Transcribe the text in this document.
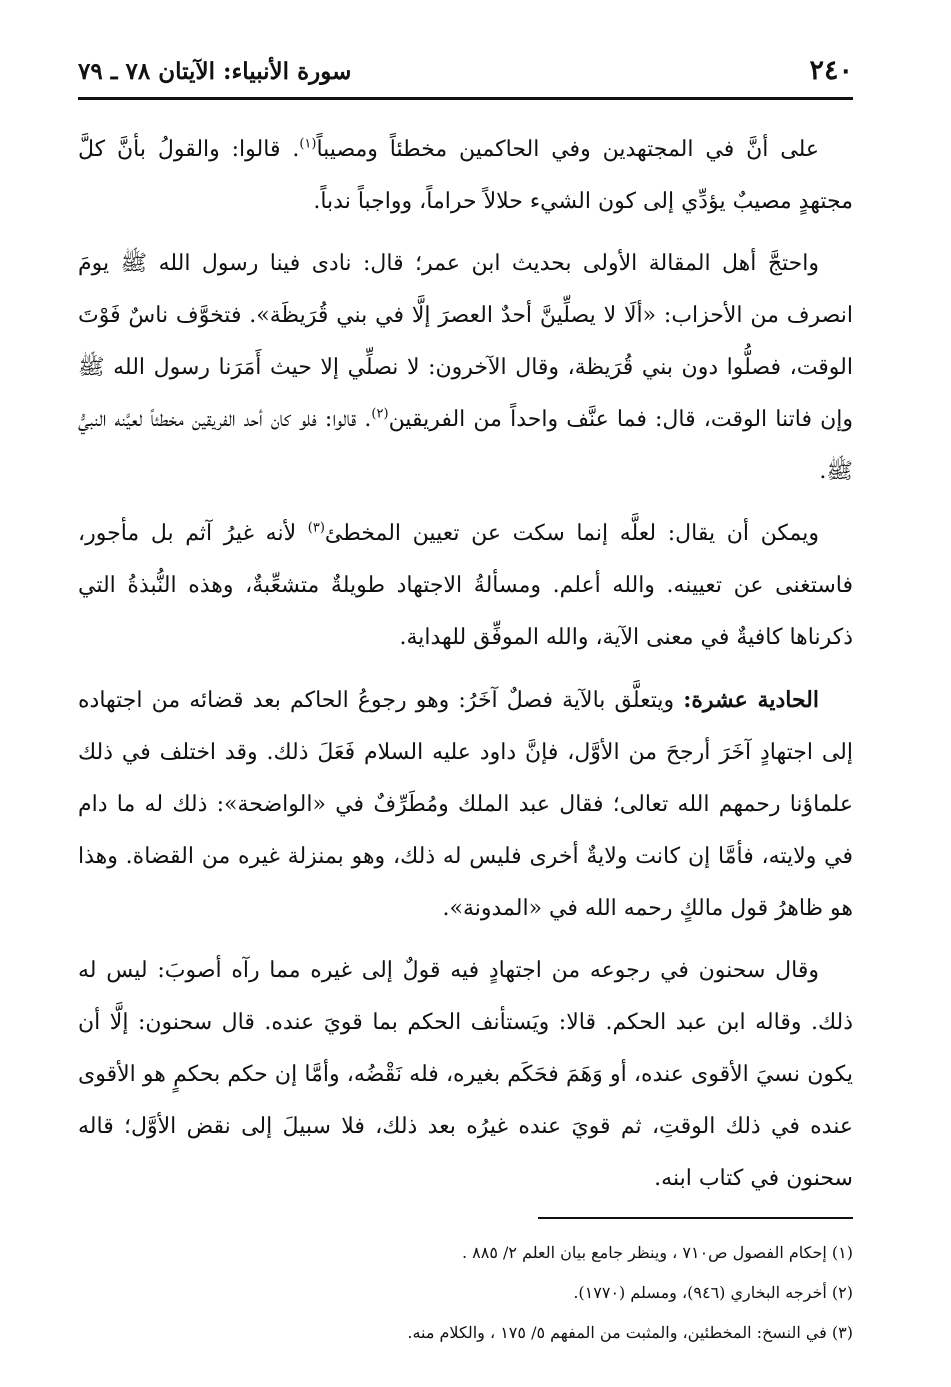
٢٤٠
سورة الأنبياء: الآيتان ٧٨ ـ ٧٩

على أنَّ في المجتهدين وفي الحاكمين مخطئاً ومصيباً$^{(١)}$. قالوا: والقولُ بأنَّ كلَّ مجتهدٍ مصيبٌ يؤدِّي إلى كون الشيء حلالاً حراماً، وواجباً ندباً.

واحتجَّ أهل المقالة الأولى بحديث ابن عمر؛ قال: نادى فينا رسول الله ﷺ يومَ انصرف من الأحزاب: «ألَا لا يصلِّينَّ أحدٌ العصرَ إلَّا في بني قُرَيظَة». فتخوَّف ناسٌ فَوْتَ الوقت، فصلُّوا دون بني قُرَيظة، وقال الآخرون: لا نصلِّي إلا حيث أَمَرَنا رسول الله ﷺ وإن فاتنا الوقت، قال: فما عنَّف واحداً من الفريقين$^{(٢)}$. قالوا: فلو كان أحد الفريقين مخطئاً لعيَّنه النبيُّ ﷺ.

ويمكن أن يقال: لعلَّه إنما سكت عن تعيين المخطئ$^{(٣)}$ لأنه غيرُ آثم بل مأجور، فاستغنى عن تعيينه. والله أعلم. ومسألةُ الاجتهاد طويلةٌ متشعِّبةٌ، وهذه النُّبذةُ التي ذكرناها كافيةٌ في معنى الآية، والله الموفِّق للهداية.

الحادية عشرة: ويتعلَّق بالآية فصلٌ آخَرُ: وهو رجوعُ الحاكم بعد قضائه من اجتهاده إلى اجتهادٍ آخَرَ أرجحَ من الأوَّل، فإنَّ داود عليه السلام فَعَلَ ذلك. وقد اختلف في ذلك علماؤنا رحمهم الله تعالى؛ فقال عبد الملك ومُطَرِّفٌ في «الواضحة»: ذلك له ما دام في ولايته، فأمَّا إن كانت ولايةٌ أخرى فليس له ذلك، وهو بمنزلة غيره من القضاة. وهذا هو ظاهرُ قول مالكٍ رحمه الله في «المدونة».

وقال سحنون في رجوعه من اجتهادٍ فيه قولٌ إلى غيره مما رآه أصوبَ: ليس له ذلك. وقاله ابن عبد الحكم. قالا: ويَستأنف الحكم بما قويَ عنده. قال سحنون: إلَّا أن يكون نسيَ الأقوى عنده، أو وَهَمَ فحَكَم بغيره، فله نَقْضُه، وأمَّا إن حكم بحكمٍ هو الأقوى عنده في ذلك الوقتِ، ثم قويَ عنده غيرُه بعد ذلك، فلا سبيلَ إلى نقض الأوَّل؛ قاله سحنون في كتاب ابنه.

(١) إحكام الفصول ص٧١٠ ، وينظر جامع بيان العلم ٢/ ٨٨٥ .
(٢) أخرجه البخاري (٩٤٦)، ومسلم (١٧٧٠).
(٣) في النسخ: المخطئين، والمثبت من المفهم ٥/ ١٧٥ ، والكلام منه.
